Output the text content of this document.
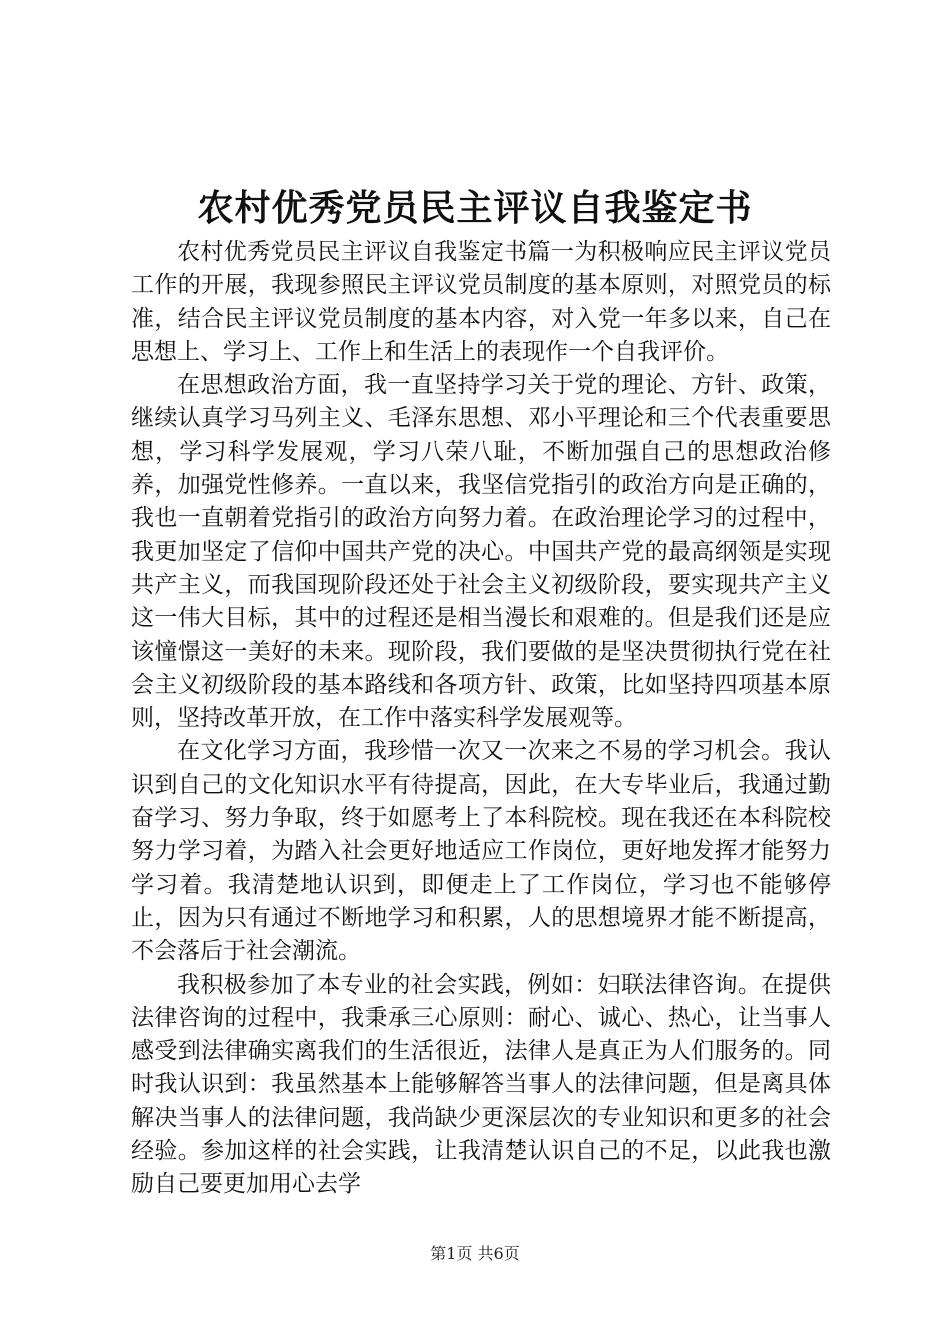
农村优秀党员民主评议自我鉴定书

农村优秀党员民主评议自我鉴定书篇一为积极响应民主评议党员工作的开展，我现参照民主评议党员制度的基本原则，对照党员的标准，结合民主评议党员制度的基本内容，对入党一年多以来，自己在思想上、学习上、工作上和生活上的表现作一个自我评价。

在思想政治方面，我一直坚持学习关于党的理论、方针、政策，继续认真学习马列主义、毛泽东思想、邓小平理论和三个代表重要思想，学习科学发展观，学习八荣八耻，不断加强自己的思想政治修养，加强党性修养。一直以来，我坚信党指引的政治方向是正确的，我也一直朝着党指引的政治方向努力着。在政治理论学习的过程中，我更加坚定了信仰中国共产党的决心。中国共产党的最高纲领是实现共产主义，而我国现阶段还处于社会主义初级阶段，要实现共产主义这一伟大目标，其中的过程还是相当漫长和艰难的。但是我们还是应该憧憬这一美好的未来。现阶段，我们要做的是坚决贯彻执行党在社会主义初级阶段的基本路线和各项方针、政策，比如坚持四项基本原则，坚持改革开放，在工作中落实科学发展观等。

在文化学习方面，我珍惜一次又一次来之不易的学习机会。我认识到自己的文化知识水平有待提高，因此，在大专毕业后，我通过勤奋学习、努力争取，终于如愿考上了本科院校。现在我还在本科院校努力学习着，为踏入社会更好地适应工作岗位，更好地发挥才能努力学习着。我清楚地认识到，即便走上了工作岗位，学习也不能够停止，因为只有通过不断地学习和积累，人的思想境界才能不断提高，不会落后于社会潮流。

我积极参加了本专业的社会实践，例如：妇联法律咨询。在提供法律咨询的过程中，我秉承三心原则：耐心、诚心、热心，让当事人感受到法律确实离我们的生活很近，法律人是真正为人们服务的。同时我认识到：我虽然基本上能够解答当事人的法律问题，但是离具体解决当事人的法律问题，我尚缺少更深层次的专业知识和更多的社会经验。参加这样的社会实践，让我清楚认识自己的不足，以此我也激励自己要更加用心去学

第1页 共6页
